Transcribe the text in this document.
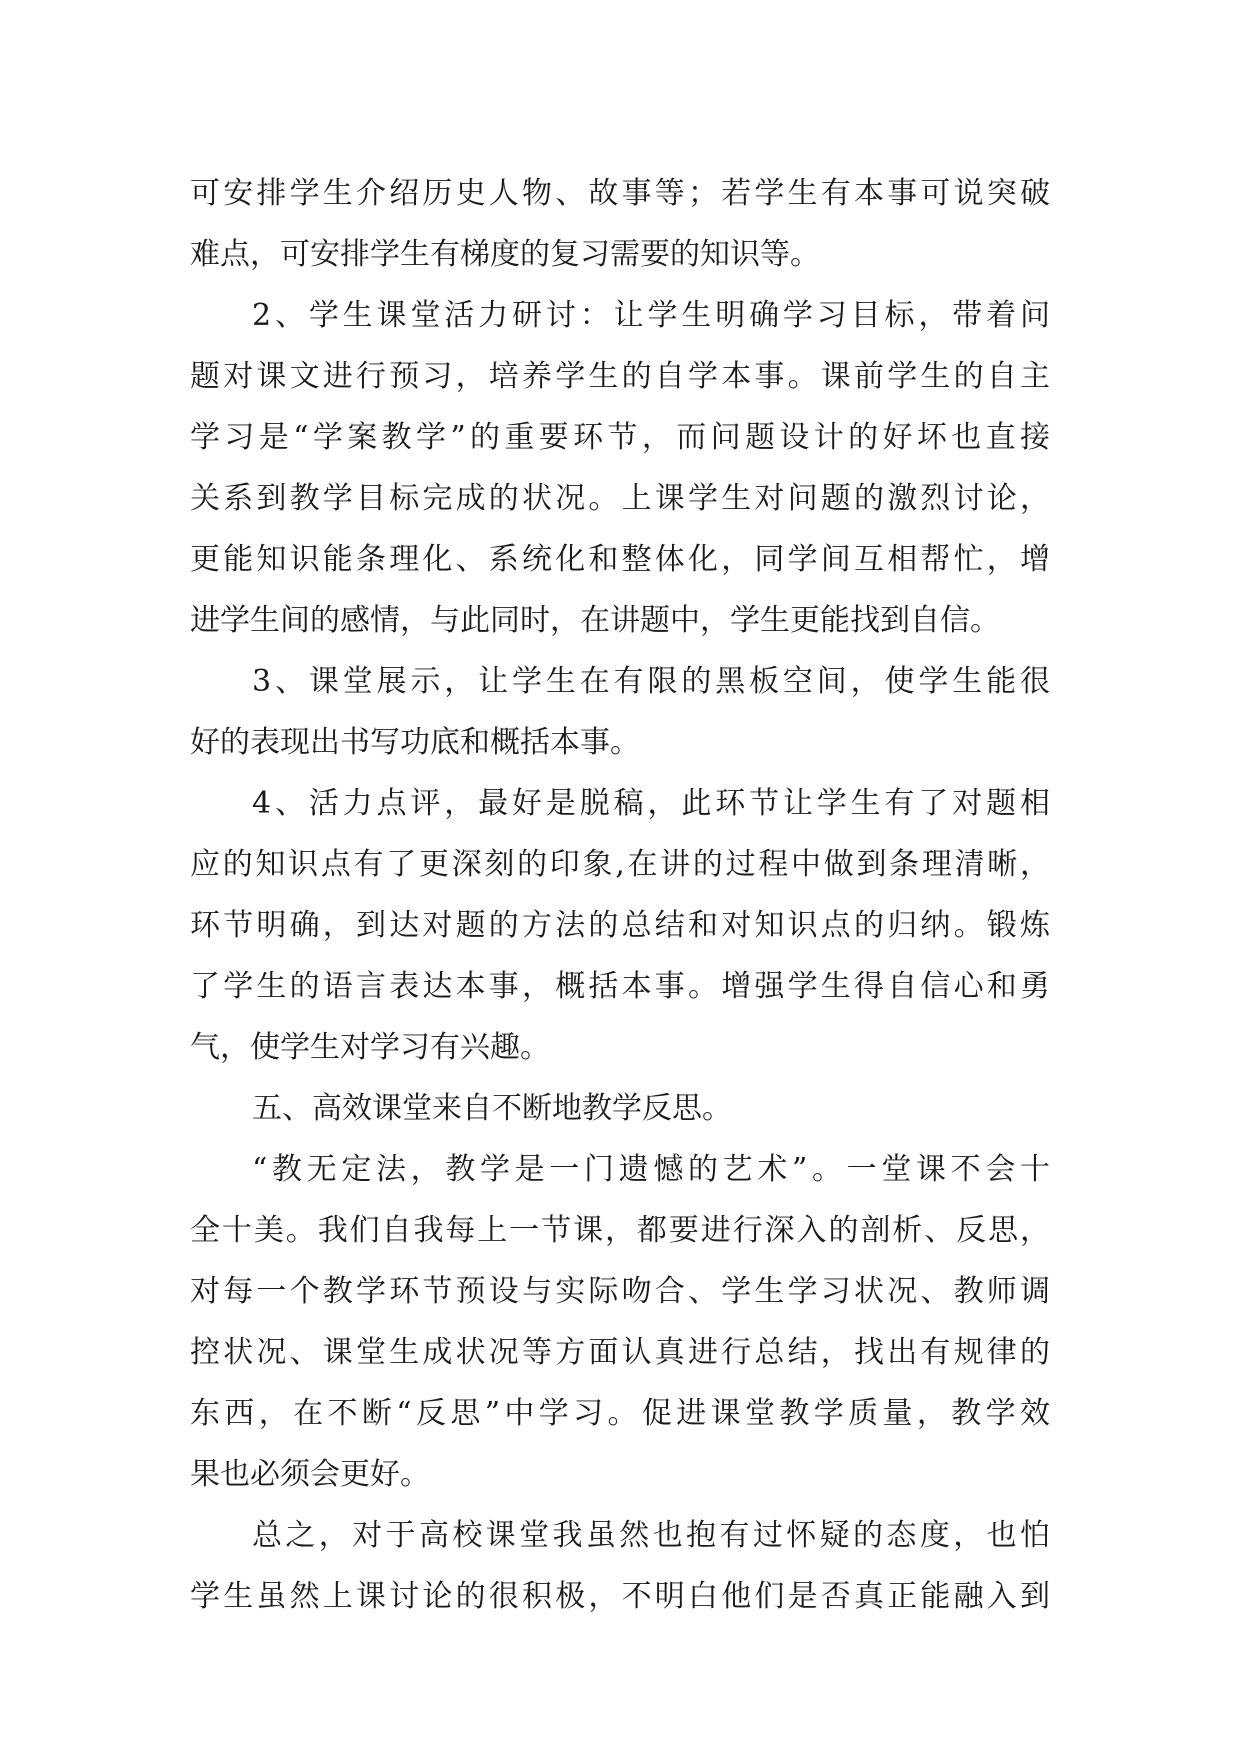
可安排学生介绍历史人物、故事等；若学生有本事可说突破
难点，可安排学生有梯度的复习需要的知识等。
2、学生课堂活力研讨：让学生明确学习目标，带着问
题对课文进行预习，培养学生的自学本事。课前学生的自主
学习是“学案教学”的重要环节，而问题设计的好坏也直接
关系到教学目标完成的状况。上课学生对问题的激烈讨论，
更能知识能条理化、系统化和整体化，同学间互相帮忙，增
进学生间的感情，与此同时，在讲题中，学生更能找到自信。
3、课堂展示，让学生在有限的黑板空间，使学生能很
好的表现出书写功底和概括本事。
4、活力点评，最好是脱稿，此环节让学生有了对题相
应的知识点有了更深刻的印象,在讲的过程中做到条理清晰，
环节明确，到达对题的方法的总结和对知识点的归纳。锻炼
了学生的语言表达本事，概括本事。增强学生得自信心和勇
气，使学生对学习有兴趣。
五、高效课堂来自不断地教学反思。
“教无定法，教学是一门遗憾的艺术”。一堂课不会十
全十美。我们自我每上一节课，都要进行深入的剖析、反思，
对每一个教学环节预设与实际吻合、学生学习状况、教师调
控状况、课堂生成状况等方面认真进行总结，找出有规律的
东西，在不断“反思”中学习。促进课堂教学质量，教学效
果也必须会更好。
总之，对于高校课堂我虽然也抱有过怀疑的态度，也怕
学生虽然上课讨论的很积极，不明白他们是否真正能融入到
